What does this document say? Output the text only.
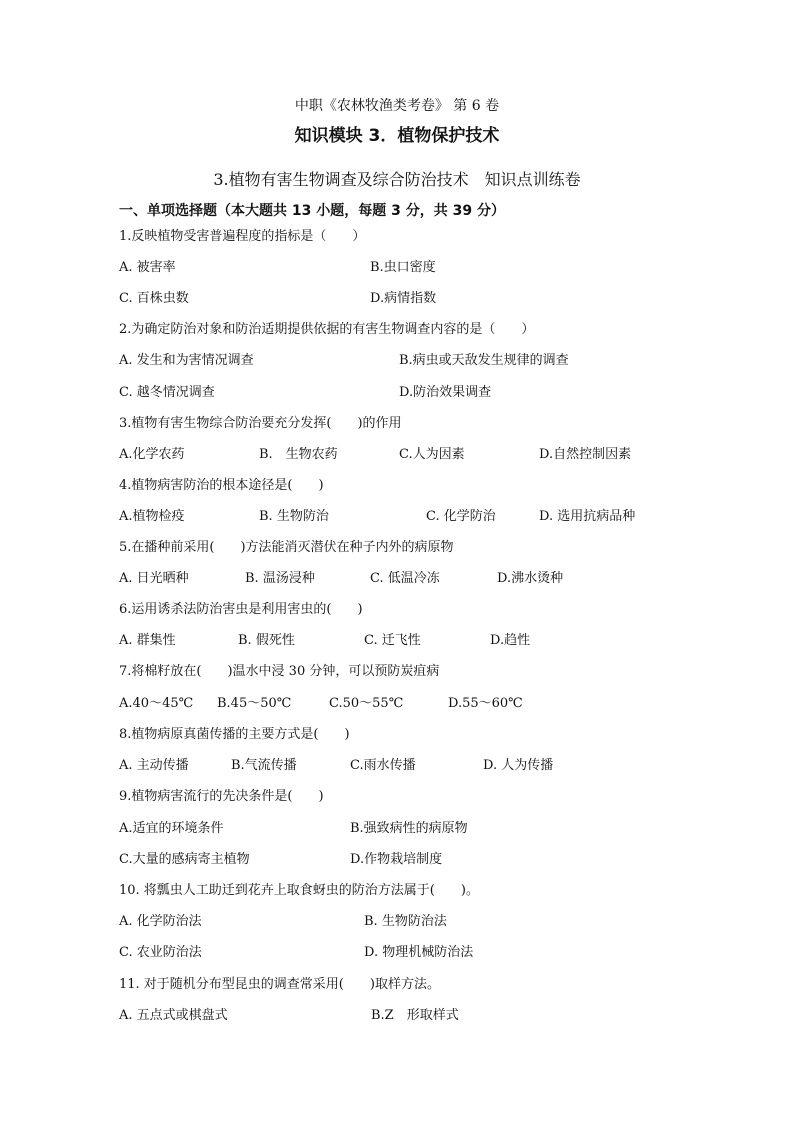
中职《农林牧渔类考卷》 第 6 卷
知识模块 3．植物保护技术
3.植物有害生物调查及综合防治技术　知识点训练卷
一、单项选择题（本大题共 13 小题，每题 3 分，共 39 分）
1.反映植物受害普遍程度的指标是（　　）
A. 被害率	B.虫口密度
C. 百株虫数	D.病情指数
2.为确定防治对象和防治适期提供依据的有害生物调查内容的是（　　）
A. 发生和为害情况调查	B.病虫或天敌发生规律的调查
C. 越冬情况调查	D.防治效果调查
3.植物有害生物综合防治要充分发挥(　　)的作用
A.化学农药	B.　生物农药	C.人为因素	D.自然控制因素
4.植物病害防治的根本途径是(　　)
A.植物检疫	B. 生物防治	C. 化学防治	D. 选用抗病品种
5.在播种前采用(　　)方法能消灭潜伏在种子内外的病原物
A. 日光晒种	B. 温汤浸种	C. 低温冷冻	D.沸水烫种
6.运用诱杀法防治害虫是利用害虫的(　　)
A. 群集性	B. 假死性	C. 迁飞性	D.趋性
7.将棉籽放在(　　)温水中浸 30 分钟，可以预防炭疽病
A.40～45℃ B.45～50℃	C.50～55℃	D.55～60℃
8.植物病原真菌传播的主要方式是(　　)
A. 主动传播	B.气流传播	C.雨水传播	D. 人为传播
9.植物病害流行的先决条件是(　　)
A.适宜的环境条件	B.强致病性的病原物
C.大量的感病寄主植物	D.作物栽培制度
10. 将瓢虫人工助迁到花卉上取食蚜虫的防治方法属于(　　)。
A. 化学防治法	B. 生物防治法
C. 农业防治法	D. 物理机械防治法
11. 对于随机分布型昆虫的调查常采用(　　)取样方法。
A. 五点式或棋盘式	B.Z　形取样式
